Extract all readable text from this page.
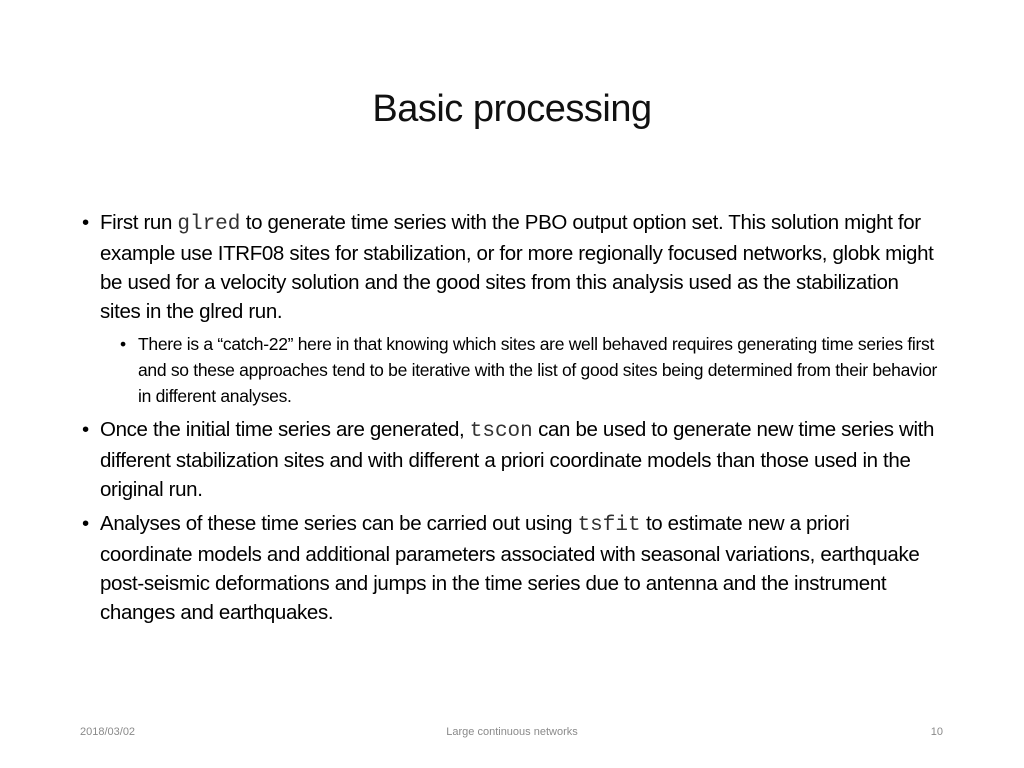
Basic processing
• First run glred to generate time series with the PBO output option set. This solution might for example use ITRF08 sites for stabilization, or for more regionally focused networks, globk might be used for a velocity solution and the good sites from this analysis used as the stabilization sites in the glred run.
• There is a “catch-22” here in that knowing which sites are well behaved requires generating time series first and so these approaches tend to be iterative with the list of good sites being determined from their behavior in different analyses.
• Once the initial time series are generated, tscon can be used to generate new time series with different stabilization sites and with different a priori coordinate models than those used in the original run.
• Analyses of these time series can be carried out using tsfit to estimate new a priori coordinate models and additional parameters associated with seasonal variations, earthquake post-seismic deformations and jumps in the time series due to antenna and the instrument changes and earthquakes.
2018/03/02	Large continuous networks	10
